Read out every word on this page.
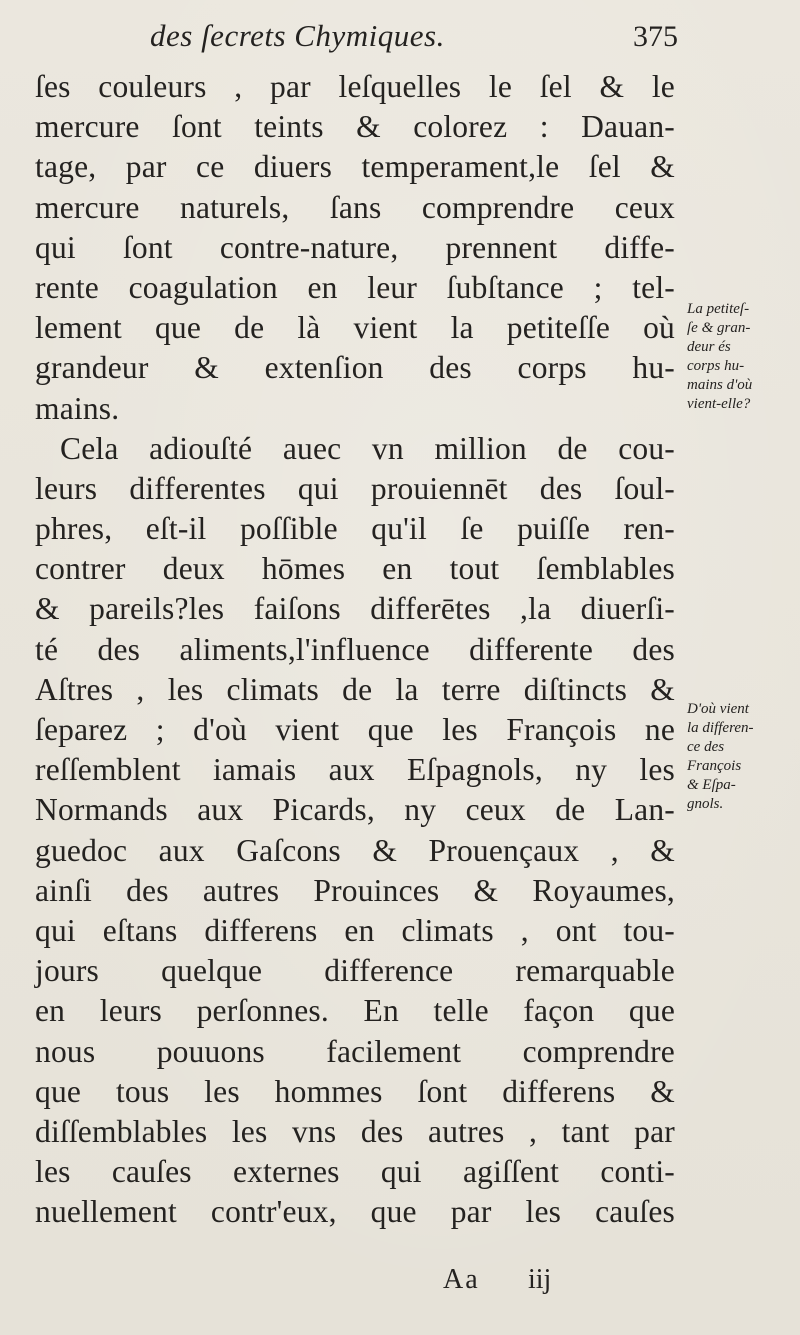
des ſecrets Chymiques.	375
ſes couleurs , par leſquelles le ſel & le
mercure ſont teints & colorez : Dauan-
tage, par ce diuers temperament,le ſel &
mercure naturels, ſans comprendre ceux
qui ſont contre-nature, prennent diffe-
rente coagulation en leur ſubſtance ; tel-
lement que de là vient la petiteſſe où
grandeur & extenſion des corps hu-
mains.
Cela adiouſté auec vn million de cou-
leurs differentes qui prouiennēt des ſoul-
phres, eſt-il poſſible qu'il ſe puiſſe ren-
contrer deux hōmes en tout ſemblables
& pareils?les faiſons differētes ,la diuerſi-
té des aliments,l'influence differente des
Aſtres , les climats de la terre diſtincts &
ſeparez ; d'où vient que les François ne
reſſemblent iamais aux Eſpagnols, ny les
Normands aux Picards, ny ceux de Lan-
guedoc aux Gaſcons & Prouençaux , &
ainſi des autres Prouinces & Royaumes,
qui eſtans differens en climats , ont tou-
jours quelque difference remarquable
en leurs perſonnes. En telle façon que
nous pouuons facilement comprendre
que tous les hommes ſont differens &
diſſemblables les vns des autres , tant par
les cauſes externes qui agiſſent conti-
nuellement contr'eux, que par les cauſes
La petiteſ-
ſe & gran-
deur és
corps hu-
mains d'où
vient-elle?
D'où vient
la differen-
ce des
François
& Eſpa-
gnols.
Aa iij
